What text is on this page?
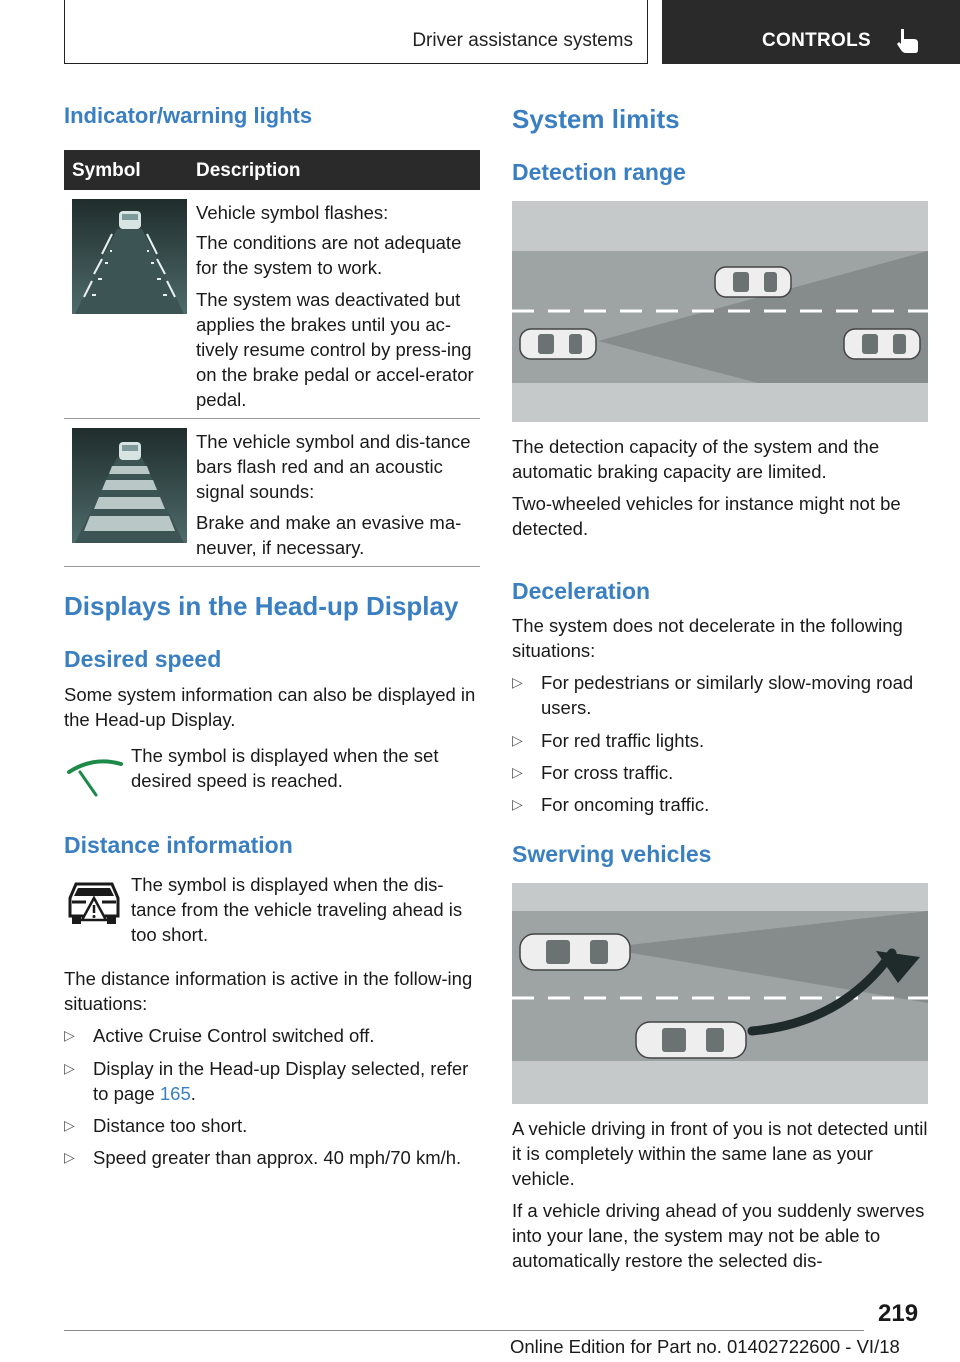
Driver assistance systems	CONTROLS
Indicator/warning lights
Symbol	Description

Vehicle symbol flashes:

The conditions are not adequate for the system to work.

The system was deactivated but applies the brakes until you ac-tively resume control by press-ing on the brake pedal or accel-erator pedal.

The vehicle symbol and dis-tance bars flash red and an acoustic signal sounds:

Brake and make an evasive ma-neuver, if necessary.

Displays in the Head-up Display
Desired speed

Some system information can also be displayed in the Head-up Display.

The symbol is displayed when the set desired speed is reached.

Distance information

The symbol is displayed when the dis-tance from the vehicle traveling ahead is too short.

The distance information is active in the follow-ing situations:

▷ Active Cruise Control switched off.
▷ Display in the Head-up Display selected, refer to page 165.
▷ Distance too short.
▷ Speed greater than approx. 40 mph/70 km/h.
System limits
Detection range

The detection capacity of the system and the automatic braking capacity are limited.

Two-wheeled vehicles for instance might not be detected.

Deceleration

The system does not decelerate in the following situations:

▷ For pedestrians or similarly slow-moving road users.
▷ For red traffic lights.
▷ For cross traffic.
▷ For oncoming traffic.
Swerving vehicles

A vehicle driving in front of you is not detected until it is completely within the same lane as your vehicle.

If a vehicle driving ahead of you suddenly swerves into your lane, the system may not be able to automatically restore the selected dis-

219
Online Edition for Part no. 01402722600 - VI/18
